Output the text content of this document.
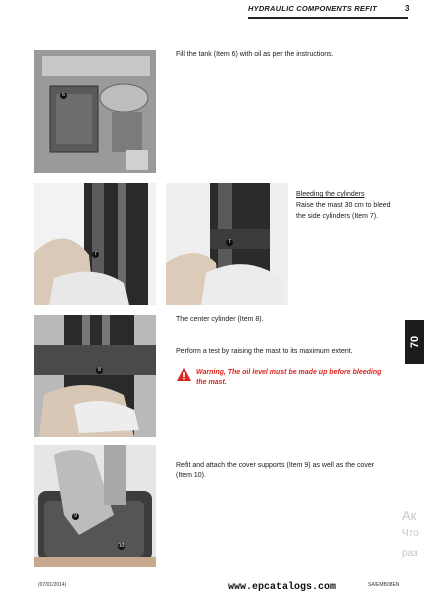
HYDRAULIC COMPONENTS REFIT	3
6
Fill the tank (Item 6) with oil as per the instructions.
7
7
Bleeding the cylinders
Raise the mast 30 cm to bleed
the side cylinders (Item 7).
8
The center cylinder (Item 8).
Perform a test by raising the mast to its maximum extent.
Warning, The oil level must be made up before bleeding
the mast.
9
10
Refit and attach the cover supports (Item 9) as well as the cover
(Item 10).
70
Ак
Что
раз
(07/01/2014)	www.epcatalogs.com	SA/EMB08EN
